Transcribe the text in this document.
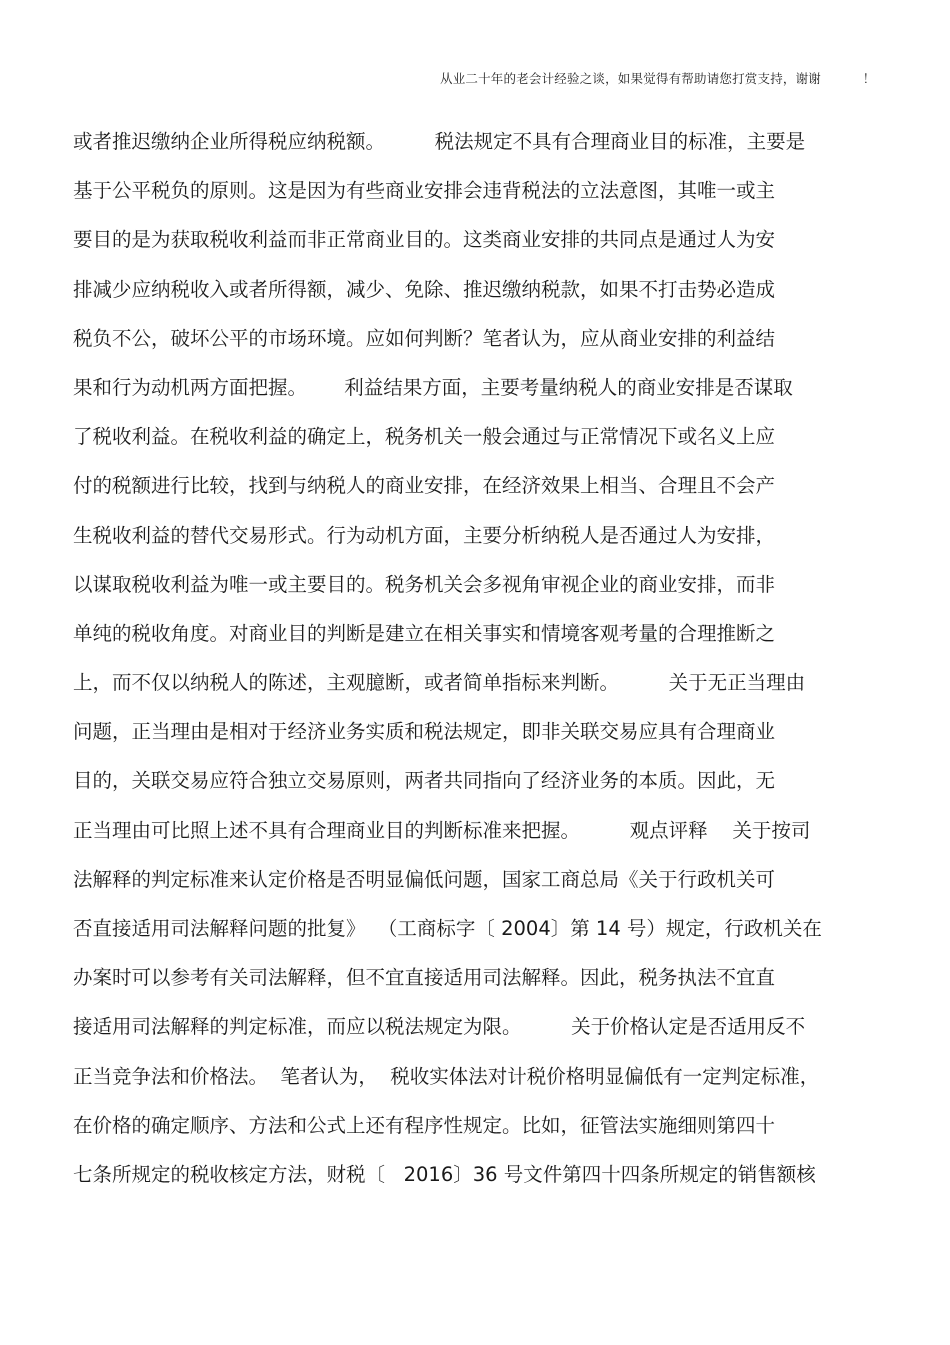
从业二十年的老会计经验之谈，如果觉得有帮助请您打赏支持，谢谢          ！
或者推迟缴纳企业所得税应纳税额。        税法规定不具有合理商业目的标准，主要是
基于公平税负的原则。这是因为有些商业安排会违背税法的立法意图，其唯一或主
要目的是为获取税收利益而非正常商业目的。这类商业安排的共同点是通过人为安
排减少应纳税收入或者所得额，减少、免除、推迟缴纳税款，如果不打击势必造成
税负不公，破坏公平的市场环境。应如何判断？笔者认为，应从商业安排的利益结
果和行为动机两方面把握。      利益结果方面，主要考量纳税人的商业安排是否谋取
了税收利益。在税收利益的确定上，税务机关一般会通过与正常情况下或名义上应
付的税额进行比较，找到与纳税人的商业安排，在经济效果上相当、合理且不会产
生税收利益的替代交易形式。行为动机方面，主要分析纳税人是否通过人为安排，
以谋取税收利益为唯一或主要目的。税务机关会多视角审视企业的商业安排，而非
单纯的税收角度。对商业目的判断是建立在相关事实和情境客观考量的合理推断之
上，而不仅以纳税人的陈述，主观臆断，或者简单指标来判断。        关于无正当理由
问题，正当理由是相对于经济业务实质和税法规定，即非关联交易应具有合理商业
目的，关联交易应符合独立交易原则，两者共同指向了经济业务的本质。因此，无
正当理由可比照上述不具有合理商业目的判断标准来把握。        观点评释    关于按司
法解释的判定标准来认定价格是否明显偏低问题，国家工商总局《关于行政机关可
否直接适用司法解释问题的批复》  （工商标字〔 2004〕第 14 号）规定，行政机关在
办案时可以参考有关司法解释，但不宜直接适用司法解释。因此，税务执法不宜直
接适用司法解释的判定标准，而应以税法规定为限。        关于价格认定是否适用反不
正当竞争法和价格法。  笔者认为，  税收实体法对计税价格明显偏低有一定判定标准，
在价格的确定顺序、方法和公式上还有程序性规定。比如，征管法实施细则第四十
七条所规定的税收核定方法，财税〔   2016〕36 号文件第四十四条所规定的销售额核
